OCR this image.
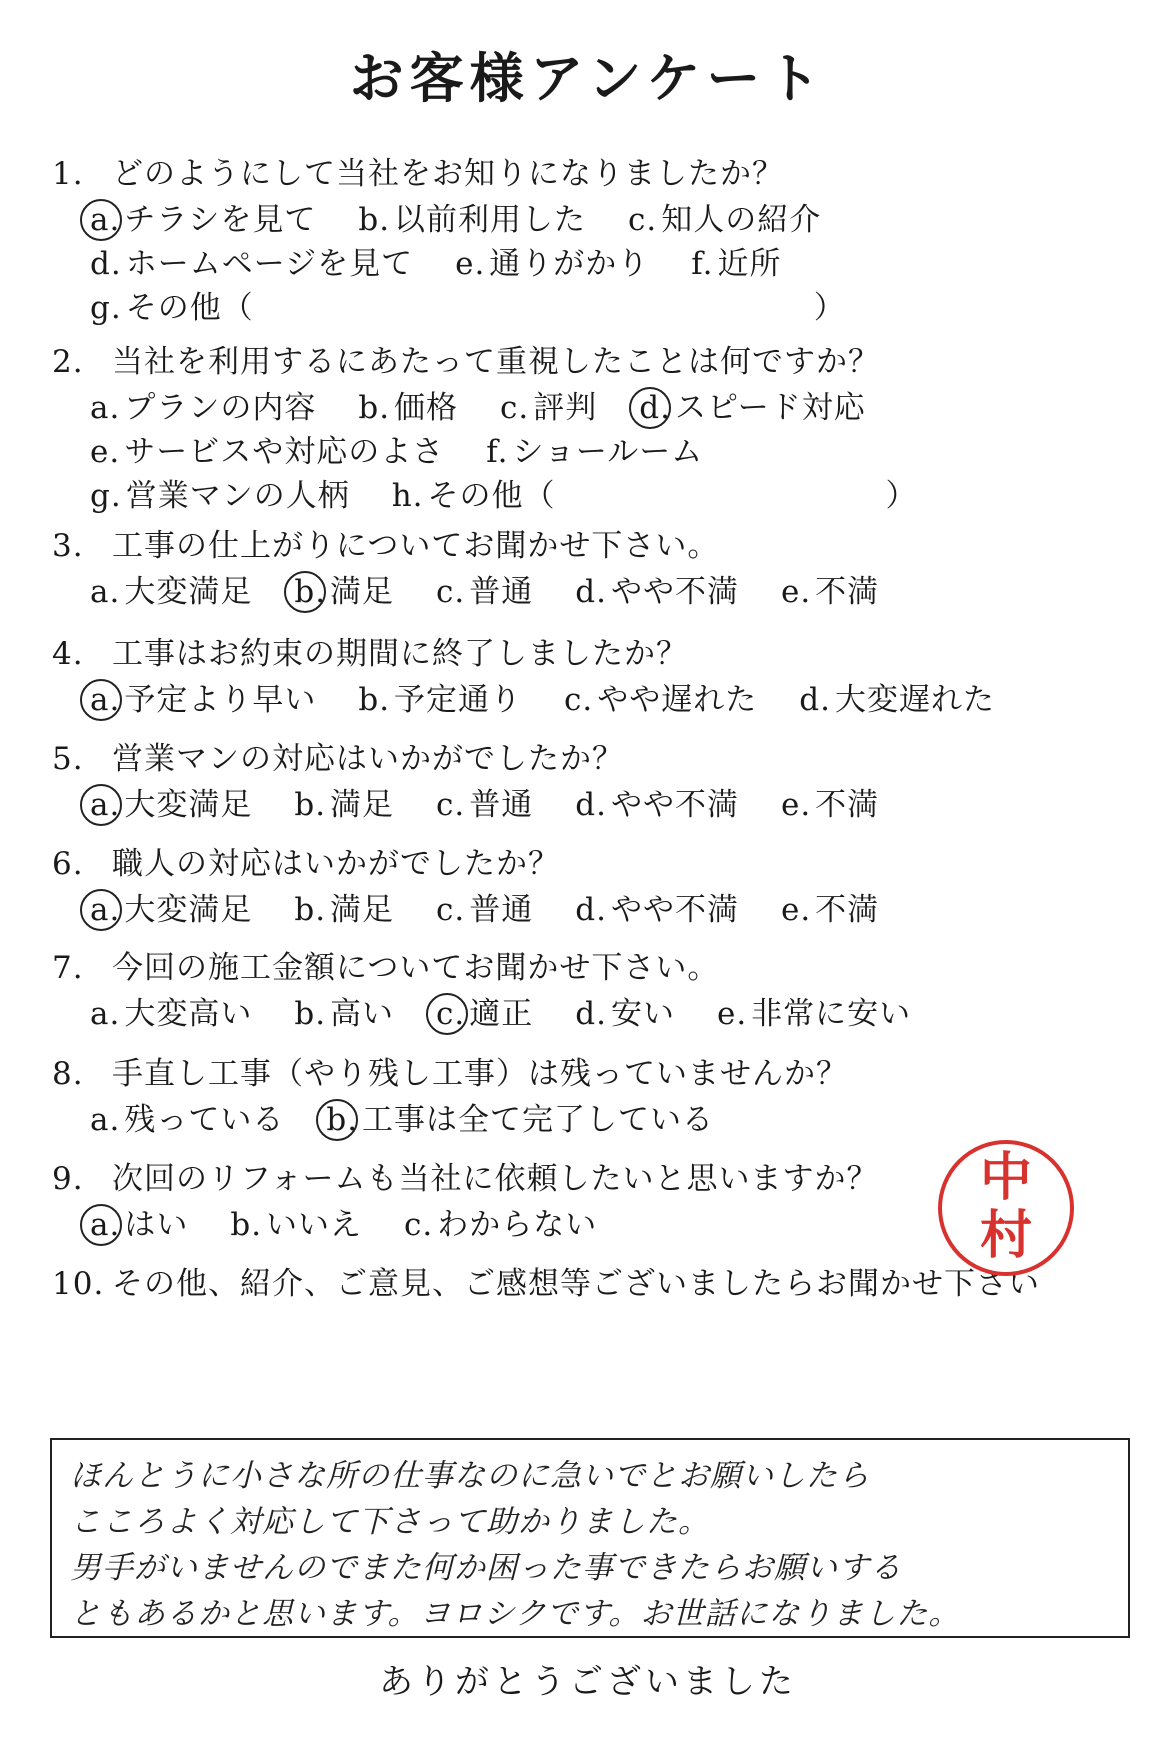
お客様アンケート
1. どのようにして当社をお知りになりましたか？
a. チラシを見て b. 以前利用した c. 知人の紹介
d. ホームページを見て e. 通りがかり f. 近所
g. その他（	）
2. 当社を利用するにあたって重視したことは何ですか？
a. プランの内容 b. 価格 c. 評判 d. スピード対応
e. サービスや対応のよさ f. ショールーム
g. 営業マンの人柄 h. その他（	）
3. 工事の仕上がりについてお聞かせ下さい。
a. 大変満足 b. 満足 c. 普通 d. やや不満 e. 不満
4. 工事はお約束の期間に終了しましたか？
a. 予定より早い b. 予定通り c. やや遅れた d. 大変遅れた
5. 営業マンの対応はいかがでしたか？
a. 大変満足 b. 満足 c. 普通 d. やや不満 e. 不満
6. 職人の対応はいかがでしたか？
a. 大変満足 b. 満足 c. 普通 d. やや不満 e. 不満
7. 今回の施工金額についてお聞かせ下さい。
a. 大変高い b. 高い c. 適正 d. 安い e. 非常に安い
8. 手直し工事（やり残し工事）は残っていませんか？
a. 残っている b. 工事は全て完了している
9. 次回のリフォームも当社に依頼したいと思いますか？
a. はい b. いいえ c. わからない
10. その他、紹介、ご意見、ご感想等ございましたらお聞かせ下さい
ほんとうに小さな所の仕事なのに急いでとお願いしたら
こころよく対応して下さって助かりました。
男手がいませんのでまた何か困った事できたらお願いする
ともあるかと思います。ヨロシクです。お世話になりました。
中
村
ありがとうございました
